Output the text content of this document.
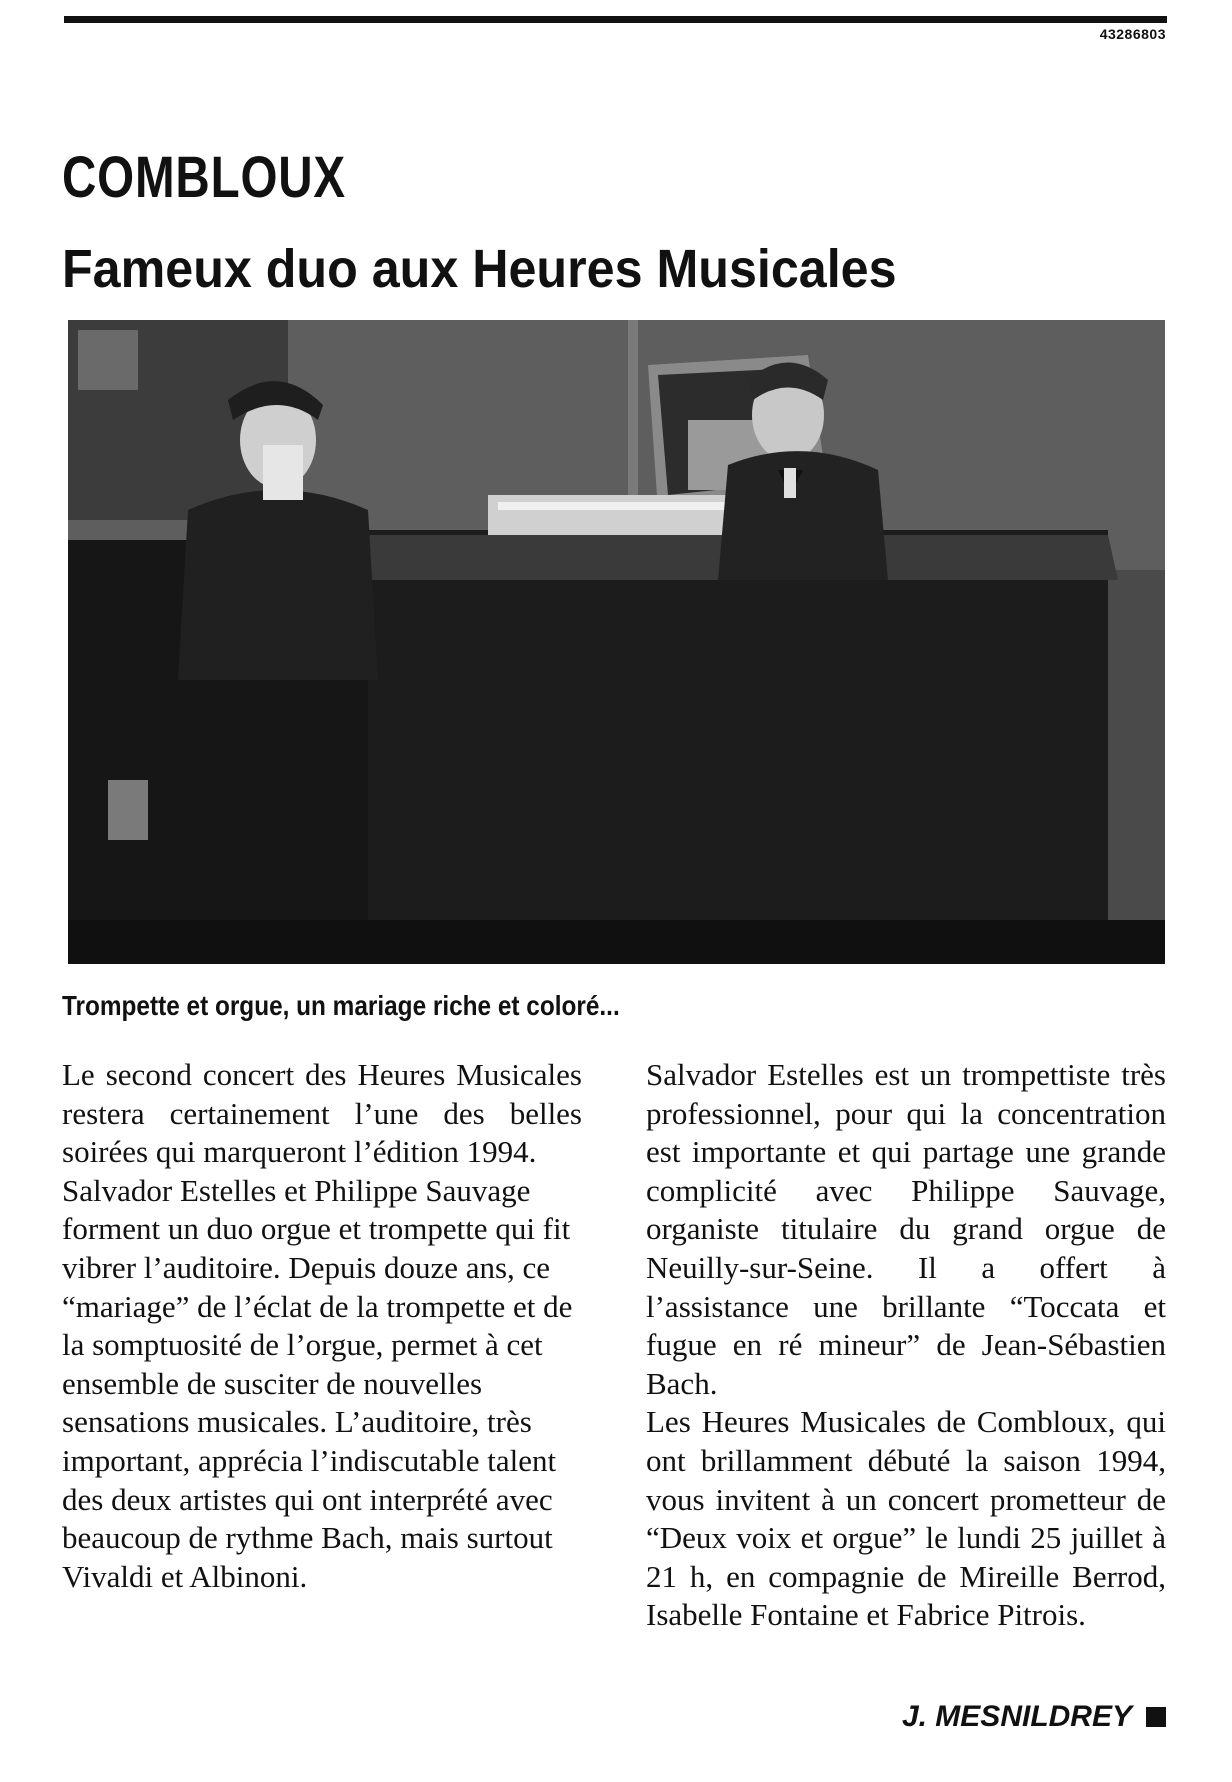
43286803
COMBLOUX
Fameux duo aux Heures Musicales
Trompette et orgue, un mariage riche et coloré...

Le second concert des Heures Musicales restera certainement l’une des belles soirées qui marqueront l’édition 1994.

Salvador Estelles et Philippe Sauvage forment un duo orgue et trompette qui fit vibrer l’auditoire. Depuis douze ans, ce “mariage” de l’éclat de la trompette et de la somptuosité de l’orgue, permet à cet ensemble de susciter de nouvelles sensations musicales. L’auditoire, très important, apprécia l’indiscutable talent des deux artistes qui ont interprété avec beaucoup de rythme Bach, mais surtout Vivaldi et Albinoni.

Salvador Estelles est un trompettiste très professionnel, pour qui la concentration est importante et qui partage une grande complicité avec Philippe Sauvage, organiste titulaire du grand orgue de Neuilly-sur-Seine. Il a offert à l’assistance une brillante “Toccata et fugue en ré mineur” de Jean-Sébastien Bach.

Les Heures Musicales de Combloux, qui ont brillamment débuté la saison 1994, vous invitent à un concert prometteur de “Deux voix et orgue” le lundi 25 juillet à 21 h, en compagnie de Mireille Berrod, Isabelle Fontaine et Fabrice Pitrois.

J. MESNILDREY
